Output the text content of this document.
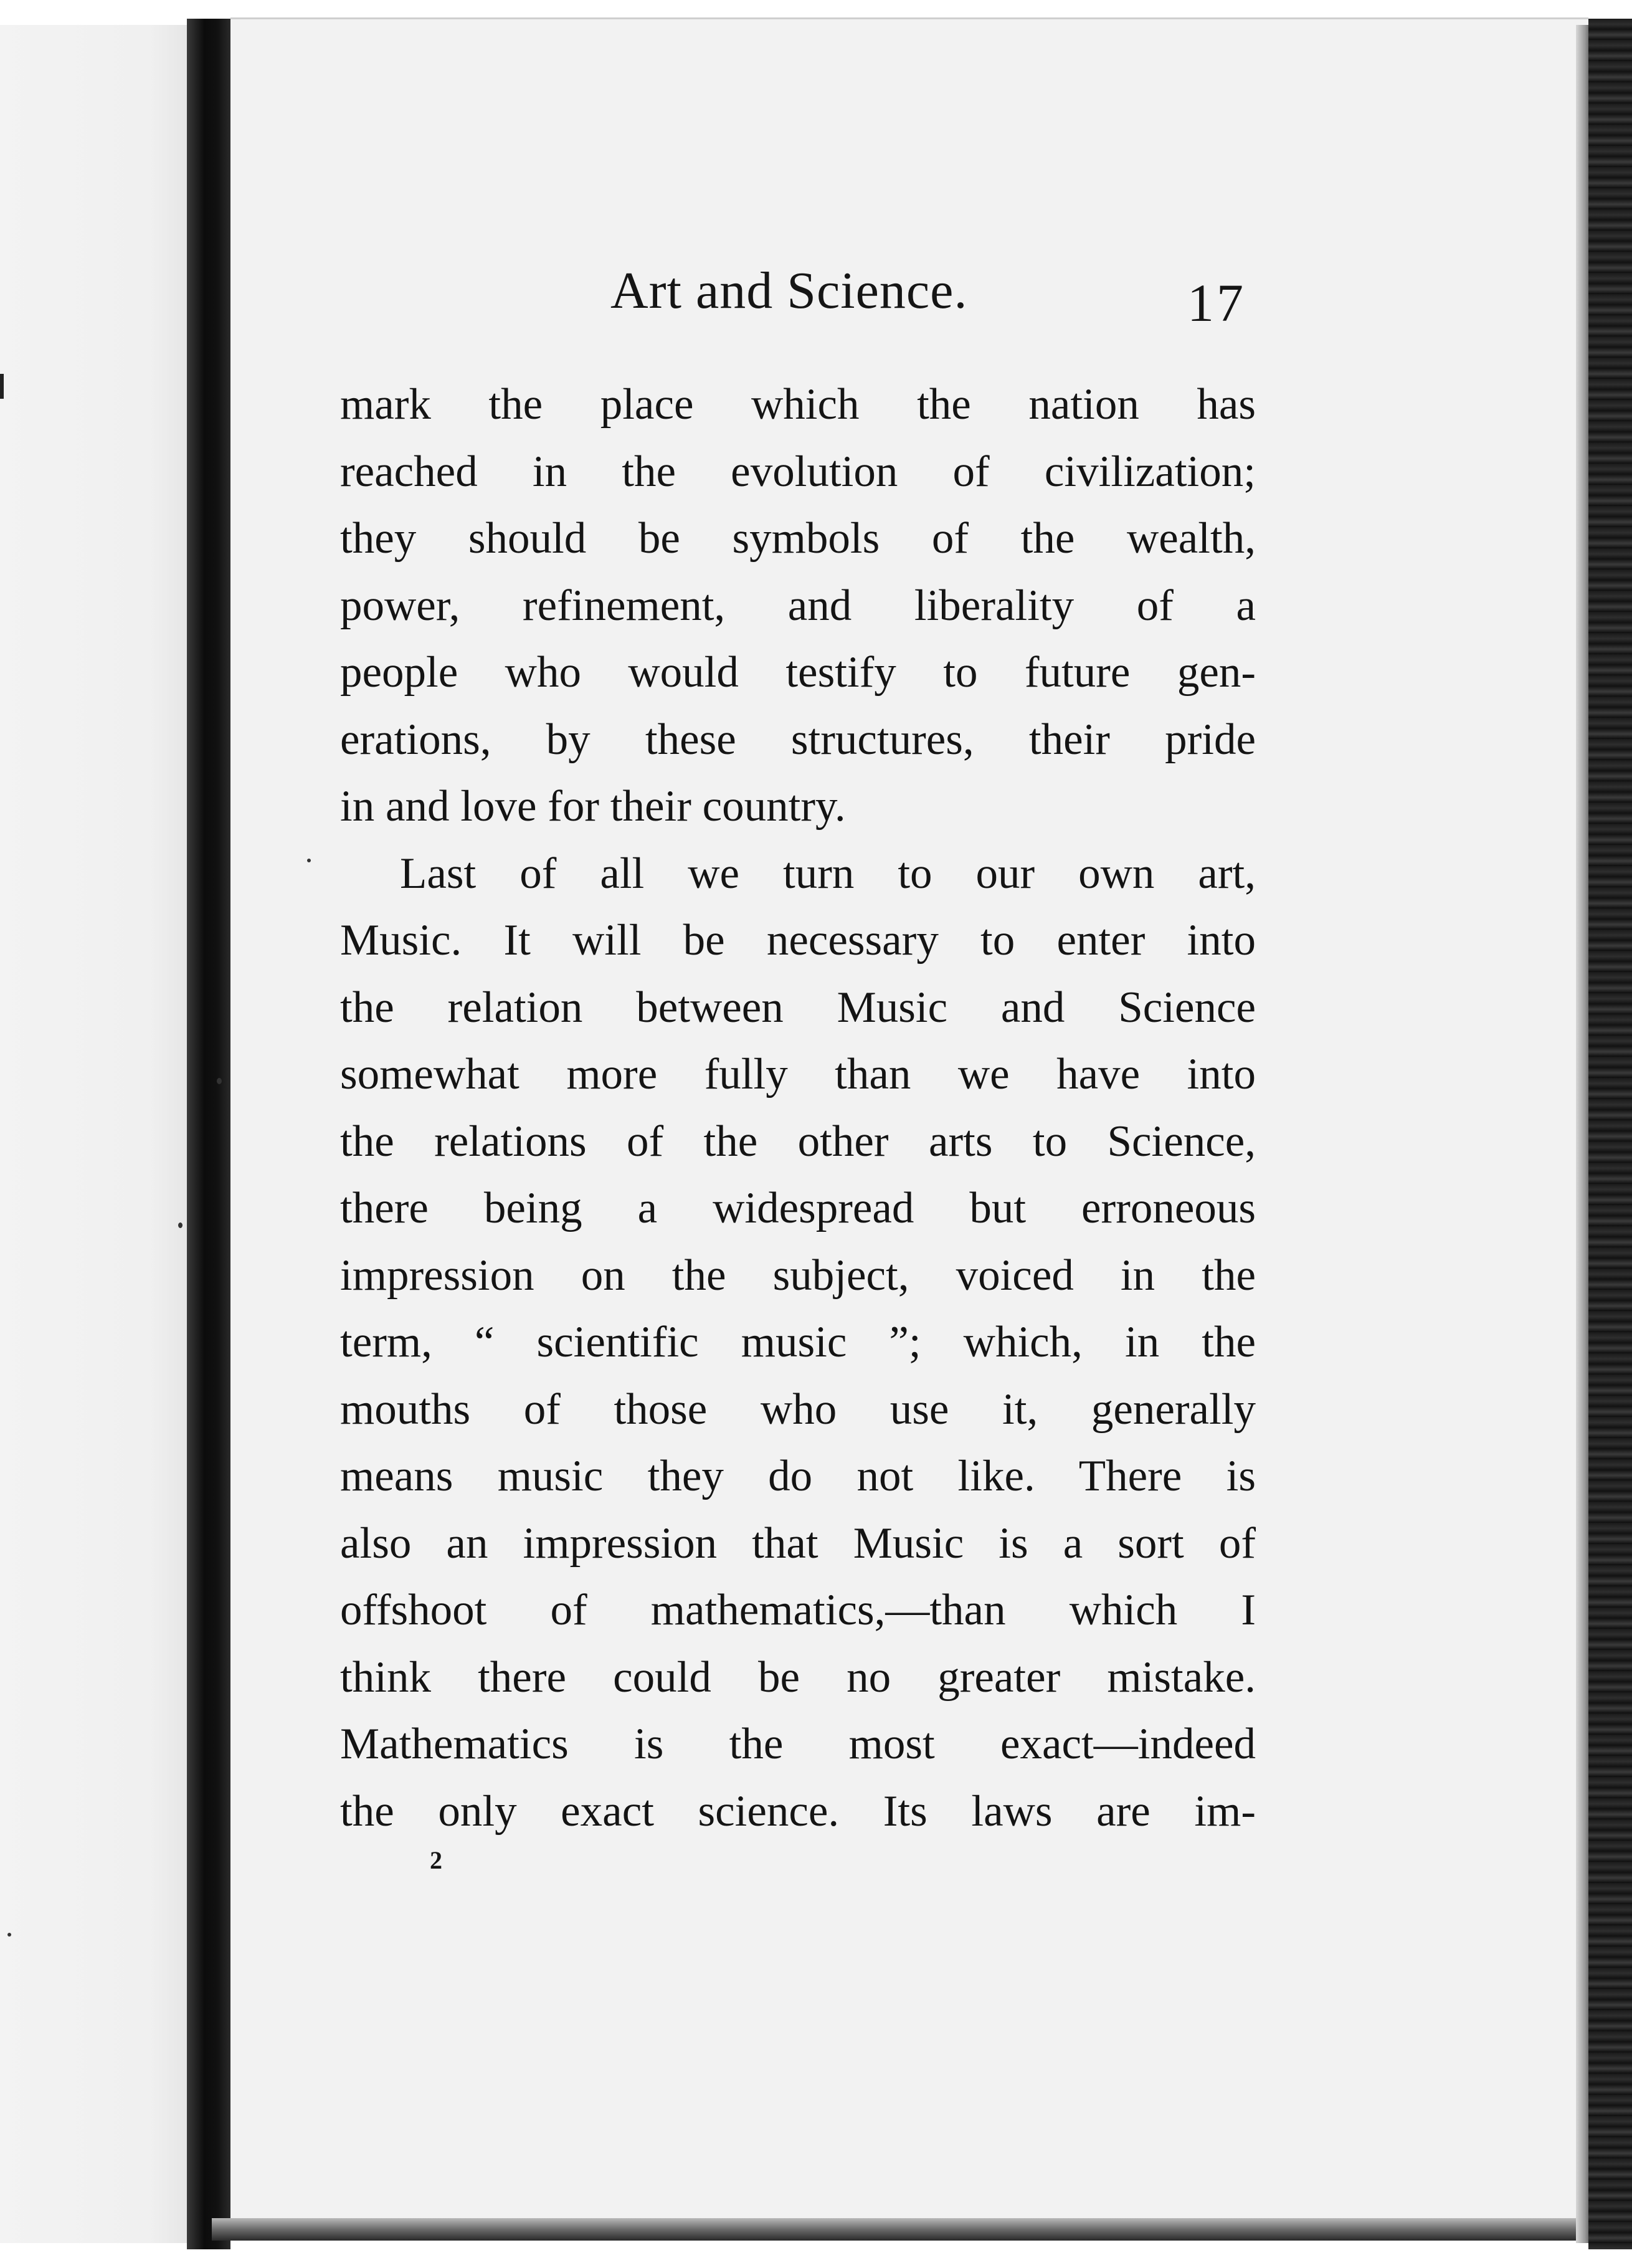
Art and Science.	17
mark the place which the nation has
reached in the evolution of civilization;
they should be symbols of the wealth,
power, refinement, and liberality of a
people who would testify to future gen-
erations, by these structures, their pride
in and love for their country.
Last of all we turn to our own art,
Music. It will be necessary to enter into
the relation between Music and Science
somewhat more fully than we have into
the relations of the other arts to Science,
there being a widespread but erroneous
impression on the subject, voiced in the
term, “ scientific music ”; which, in the
mouths of those who use it, generally
means music they do not like. There is
also an impression that Music is a sort of
offshoot of mathematics,—than which I
think there could be no greater mistake.
Mathematics is the most exact—indeed
the only exact science. Its laws are im-
2
